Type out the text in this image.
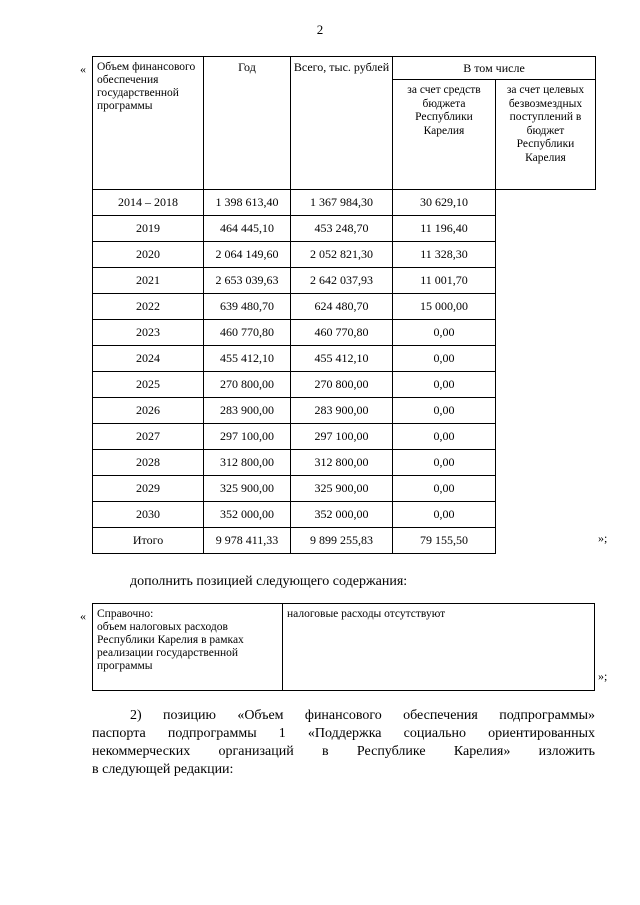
2
« Объем финансового обеспечения государственной программы	Год	Всего, тыс. рублей	В том числе	
			за счет средств бюджета Республики Карелия	за счет целевых безвозмездных поступлений в бюджет Республики Карелия
2014 – 2018	1 398 613,40	1 367 984,30	30 629,10	
2019	464 445,10	453 248,70	11 196,40	
2020	2 064 149,60	2 052 821,30	11 328,30	
2021	2 653 039,63	2 642 037,93	11 001,70	
2022	639 480,70	624 480,70	15 000,00	
2023	460 770,80	460 770,80	0,00	
2024	455 412,10	455 412,10	0,00	
2025	270 800,00	270 800,00	0,00	
2026	283 900,00	283 900,00	0,00	
2027	297 100,00	297 100,00	0,00	
2028	312 800,00	312 800,00	0,00	
2029	325 900,00	325 900,00	0,00	
2030	352 000,00	352 000,00	0,00	
Итого	9 978 411,33	9 899 255,83	79 155,50		»;
дополнить позицией следующего содержания:
« Справочно:
объем налоговых расходов Республики Карелия в рамках реализации государственной программы
	налоговые расходы отсутствуют
»;
2) позицию «Объем финансового обеспечения подпрограммы»
паспорта подпрограммы 1 «Поддержка социально ориентированных
некоммерческих организаций в Республике Карелия» изложить
в следующей редакции:
